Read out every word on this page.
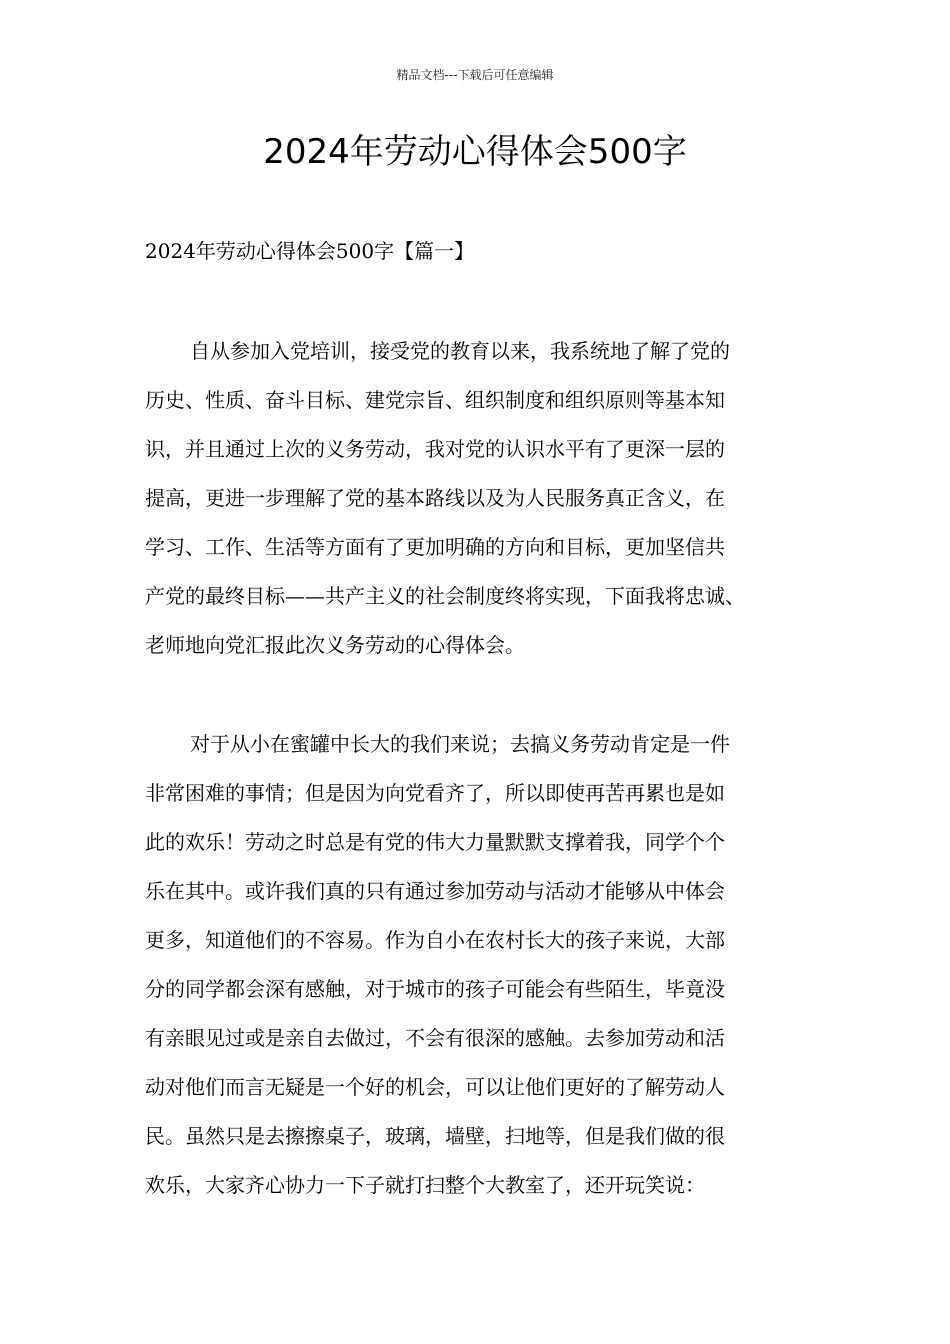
精品文档---下载后可任意编辑
2024年劳动心得体会500字
2024年劳动心得体会500字【篇一】
自从参加入党培训，接受党的教育以来，我系统地了解了党的
历史、性质、奋斗目标、建党宗旨、组织制度和组织原则等基本知
识，并且通过上次的义务劳动，我对党的认识水平有了更深一层的
提高，更进一步理解了党的基本路线以及为人民服务真正含义，在
学习、工作、生活等方面有了更加明确的方向和目标，更加坚信共
产党的最终目标——共产主义的社会制度终将实现，下面我将忠诚、
老师地向党汇报此次义务劳动的心得体会。
对于从小在蜜罐中长大的我们来说；去搞义务劳动肯定是一件
非常困难的事情；但是因为向党看齐了，所以即使再苦再累也是如
此的欢乐！劳动之时总是有党的伟大力量默默支撑着我，同学个个
乐在其中。或许我们真的只有通过参加劳动与活动才能够从中体会
更多，知道他们的不容易。作为自小在农村长大的孩子来说，大部
分的同学都会深有感触，对于城市的孩子可能会有些陌生，毕竟没
有亲眼见过或是亲自去做过，不会有很深的感触。去参加劳动和活
动对他们而言无疑是一个好的机会，可以让他们更好的了解劳动人
民。虽然只是去擦擦桌子，玻璃，墙壁，扫地等，但是我们做的很
欢乐，大家齐心协力一下子就打扫整个大教室了，还开玩笑说：
